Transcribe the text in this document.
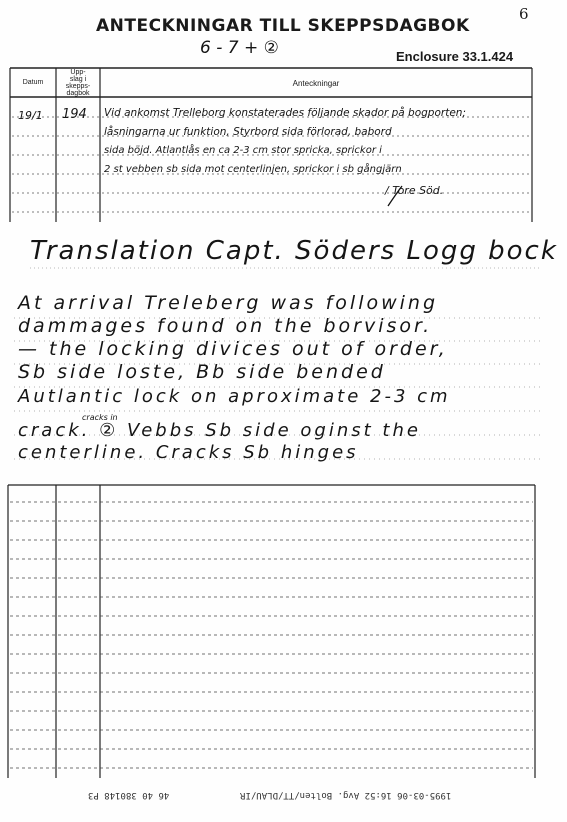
6
ANTECKNINGAR TILL SKEPPSDAGBOK
6 - 7 + ②	Enclosure 33.1.424
Datum
Upp-
slag i
skepps-
dagbok
Anteckningar
19/1 194 Vid ankomst Trelleborg konstaterades följande skador på bogporten;
låsningarna ur funktion, Styrbord sida förlorad, babord
sida böjd. Atlantlås en ca 2-3 cm stor spricka, sprickor i
2 st vebben sb sida mot centerlinjen, sprickor i sb gångjärn
/ Tore Söd.
Translation Capt. Söders Logg bock
At arrival Treleberg was following
dammages found on the borvisor.
— the locking divices out of order,
Sb side loste, Bb side bended
Autlantic lock on aproximate 2-3 cm
cracks in
crack. ② Vebbs Sb side oginst the
centerline. Cracks Sb hinges
1995-03-06 16:52 Avg. Bolten/TT/DLAU/IR
46 40 380148 P3
